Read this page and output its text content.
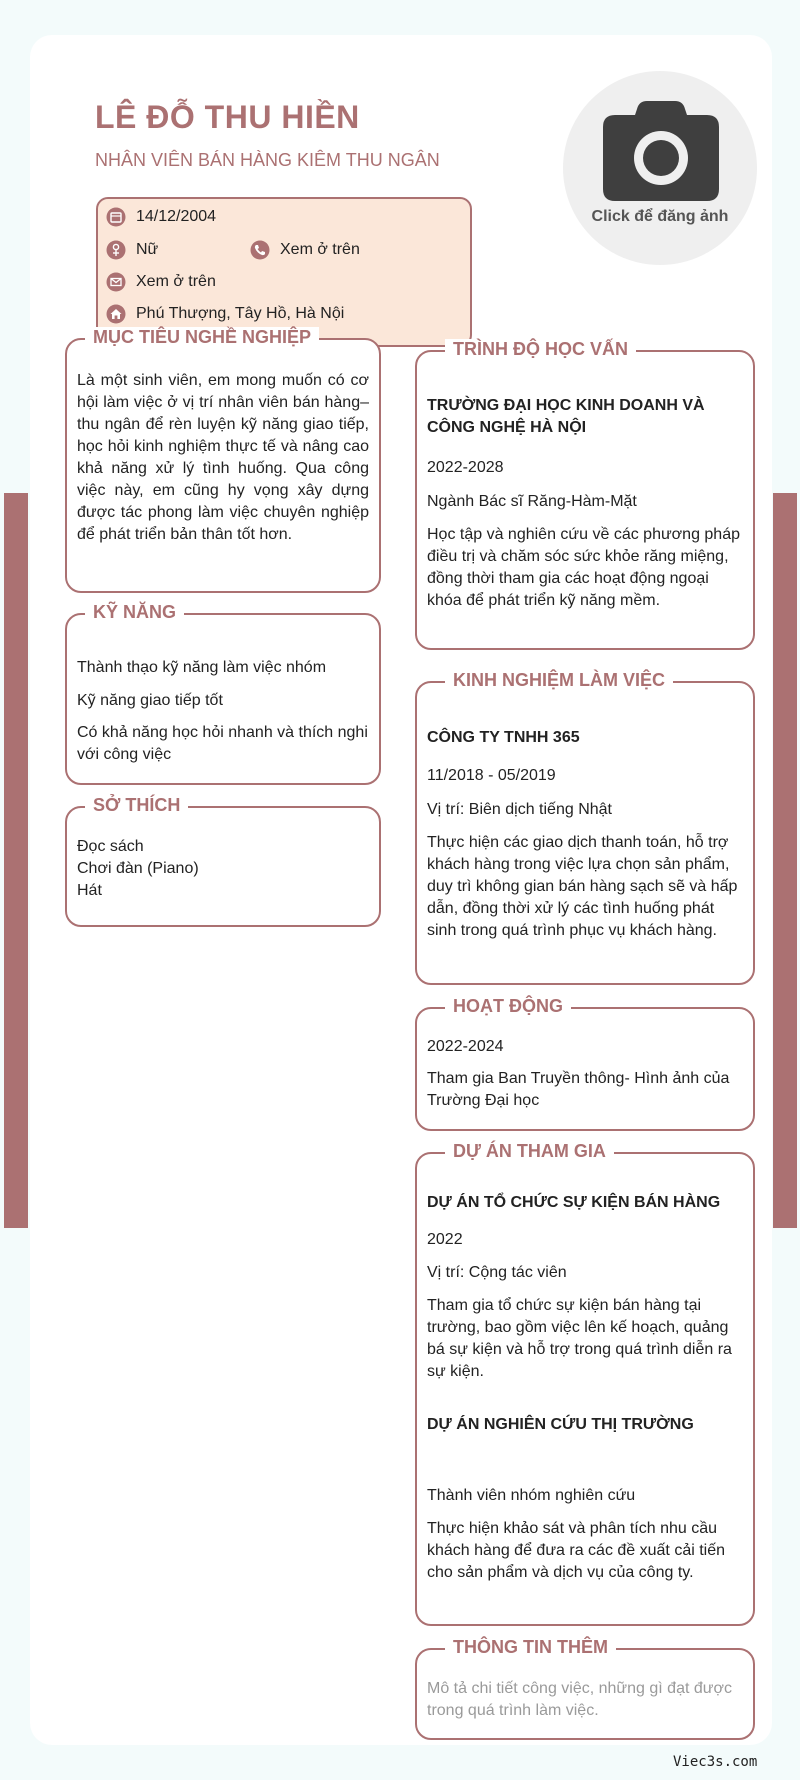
LÊ ĐỖ THU HIỀN
NHÂN VIÊN BÁN HÀNG KIÊM THU NGÂN
Click để đăng ảnh
14/12/2004
Nữ	Xem ở trên
Xem ở trên
Phú Thượng, Tây Hồ, Hà Nội
MỤC TIÊU NGHỀ NGHIỆP
Là một sinh viên, em mong muốn có cơ hội làm việc ở vị trí nhân viên bán hàng–thu ngân để rèn luyện kỹ năng giao tiếp, học hỏi kinh nghiệm thực tế và nâng cao khả năng xử lý tình huống. Qua công việc này, em cũng hy vọng xây dựng được tác phong làm việc chuyên nghiệp để phát triển bản thân tốt hơn.
KỸ NĂNG
Thành thạo kỹ năng làm việc nhóm
Kỹ năng giao tiếp tốt
Có khả năng học hỏi nhanh và thích nghi với công việc
SỞ THÍCH
Đọc sách
Chơi đàn (Piano)
Hát
TRÌNH ĐỘ HỌC VẤN
TRƯỜNG ĐẠI HỌC KINH DOANH VÀ CÔNG NGHỆ HÀ NỘI
2022-2028
Ngành Bác sĩ Răng-Hàm-Mặt
Học tập và nghiên cứu về các phương pháp điều trị và chăm sóc sức khỏe răng miệng, đồng thời tham gia các hoạt động ngoại khóa để phát triển kỹ năng mềm.
KINH NGHIỆM LÀM VIỆC
CÔNG TY TNHH 365
11/2018 - 05/2019
Vị trí: Biên dịch tiếng Nhật
Thực hiện các giao dịch thanh toán, hỗ trợ khách hàng trong việc lựa chọn sản phẩm, duy trì không gian bán hàng sạch sẽ và hấp dẫn, đồng thời xử lý các tình huống phát sinh trong quá trình phục vụ khách hàng.
HOẠT ĐỘNG
2022-2024
Tham gia Ban Truyền thông- Hình ảnh của Trường Đại học
DỰ ÁN THAM GIA
DỰ ÁN TỔ CHỨC SỰ KIỆN BÁN HÀNG
2022
Vị trí: Cộng tác viên
Tham gia tổ chức sự kiện bán hàng tại trường, bao gồm việc lên kế hoạch, quảng bá sự kiện và hỗ trợ trong quá trình diễn ra sự kiện.
DỰ ÁN NGHIÊN CỨU THỊ TRƯỜNG
Thành viên nhóm nghiên cứu
Thực hiện khảo sát và phân tích nhu cầu khách hàng để đưa ra các đề xuất cải tiến cho sản phẩm và dịch vụ của công ty.
THÔNG TIN THÊM
Mô tả chi tiết công việc, những gì đạt được trong quá trình làm việc.
Viec3s.com
